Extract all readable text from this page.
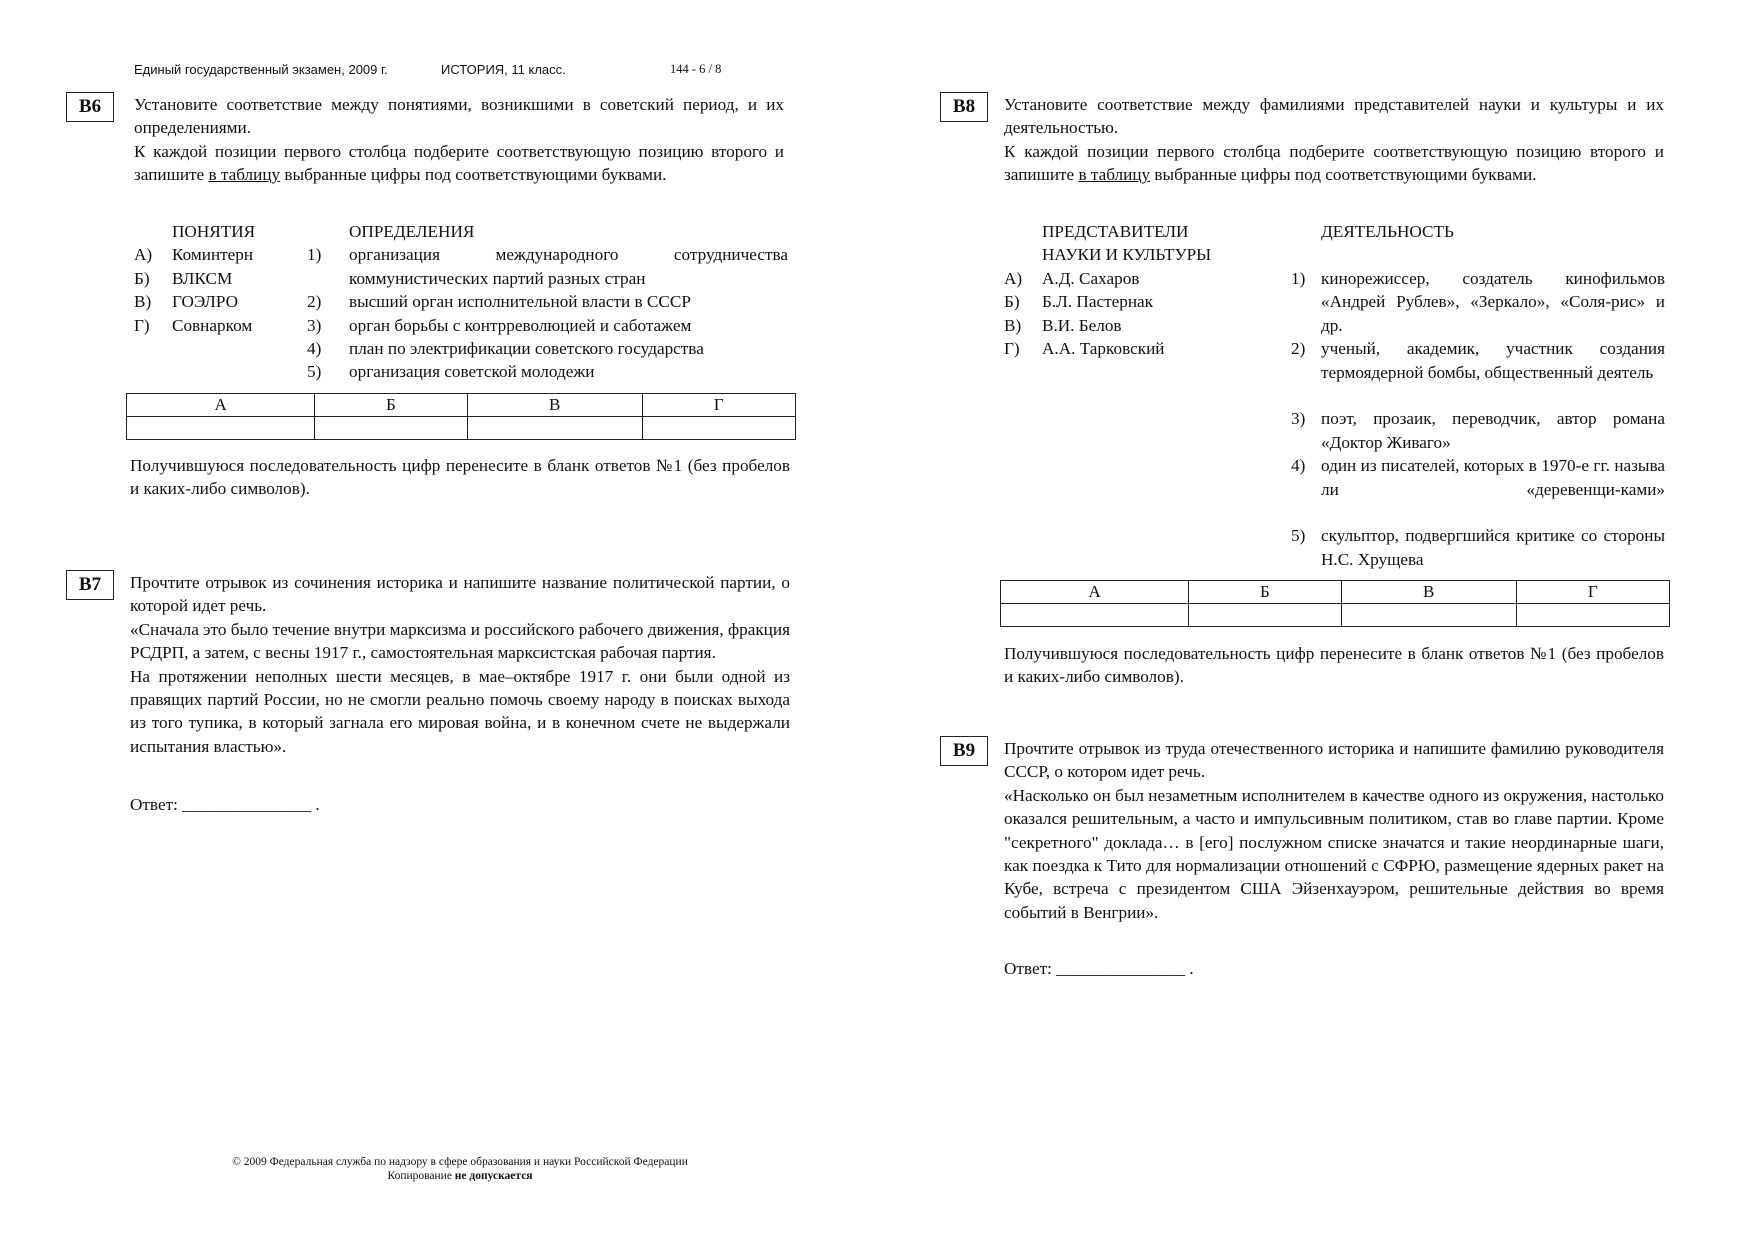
Единый государственный экзамен, 2009 г.	ИСТОРИЯ, 11 класс.	144 - 6 / 8
B6	Установите соответствие между понятиями, возникшими в советский период, и их определениями.
К каждой позиции первого столбца подберите соответствующую позицию второго и запишите в таблицу выбранные цифры под соответствующими буквами.
ПОНЯТИЯ
А) Коминтерн
Б) ВЛКСМ
В) ГОЭЛРО
Г) Совнарком
ОПРЕДЕЛЕНИЯ
1) организация международного сотрудничества
коммунистических партий разных стран
2) высший орган исполнительной власти в СССР
3) орган борьбы с контрреволюцией и саботажем
4) план по электрификации советского государства
5) организация советской молодежи
А	Б	В	Г

Получившуюся последовательность цифр перенесите в бланк ответов №1 (без пробелов и каких-либо символов).
B7	Прочтите отрывок из сочинения историка и напишите название политической партии, о которой идет речь.
«Сначала это было течение внутри марксизма и российского рабочего движения, фракция РСДРП, а затем, с весны 1917 г., самостоятельная марксистская рабочая партия.
На протяжении неполных шести месяцев, в мае–октябре 1917 г. они были одной из правящих партий России, но не смогли реально помочь своему народу в поисках выхода из того тупика, в который загнала его мировая война, и в конечном счете не выдержали испытания властью».
Ответ: _______________ .
B8	Установите соответствие между фамилиями представителей науки и культуры и их деятельностью.
К каждой позиции первого столбца подберите соответствующую позицию второго и запишите в таблицу выбранные цифры под соответствующими буквами.
ПРЕДСТАВИТЕЛИ
НАУКИ И КУЛЬТУРЫ
А) А.Д. Сахаров
Б) Б.Л. Пастернак
В) В.И. Белов
Г) А.А. Тарковский
ДЕЯТЕЛЬНОСТЬ
1) кинорежиссер, создатель кинофильмов «Андрей Рублев», «Зеркало», «Соля-рис» и др.
2) ученый, академик, участник создания термоядерной бомбы, общественный деятель
3) поэт, прозаик, переводчик, автор романа «Доктор Живаго»
4) один из писателей, которых в 1970-е гг. называли «деревенщи-ками»
5) скульптор, подвергшийся критике со стороны Н.С. Хрущева
А	Б	В	Г

Получившуюся последовательность цифр перенесите в бланк ответов №1 (без пробелов и каких-либо символов).
B9	Прочтите отрывок из труда отечественного историка и напишите фамилию руководителя СССР, о котором идет речь.
«Насколько он был незаметным исполнителем в качестве одного из окружения, настолько оказался решительным, а часто и импульсивным политиком, став во главе партии. Кроме "секретного" доклада… в [его] послужном списке значатся и такие неординарные шаги, как поездка к Тито для нормализации отношений с СФРЮ, размещение ядерных ракет на Кубе, встреча с президентом США Эйзенхауэром, решительные действия во время событий в Венгрии».
Ответ: _______________ .
© 2009 Федеральная служба по надзору в сфере образования и науки Российской Федерации
Копирование не допускается
